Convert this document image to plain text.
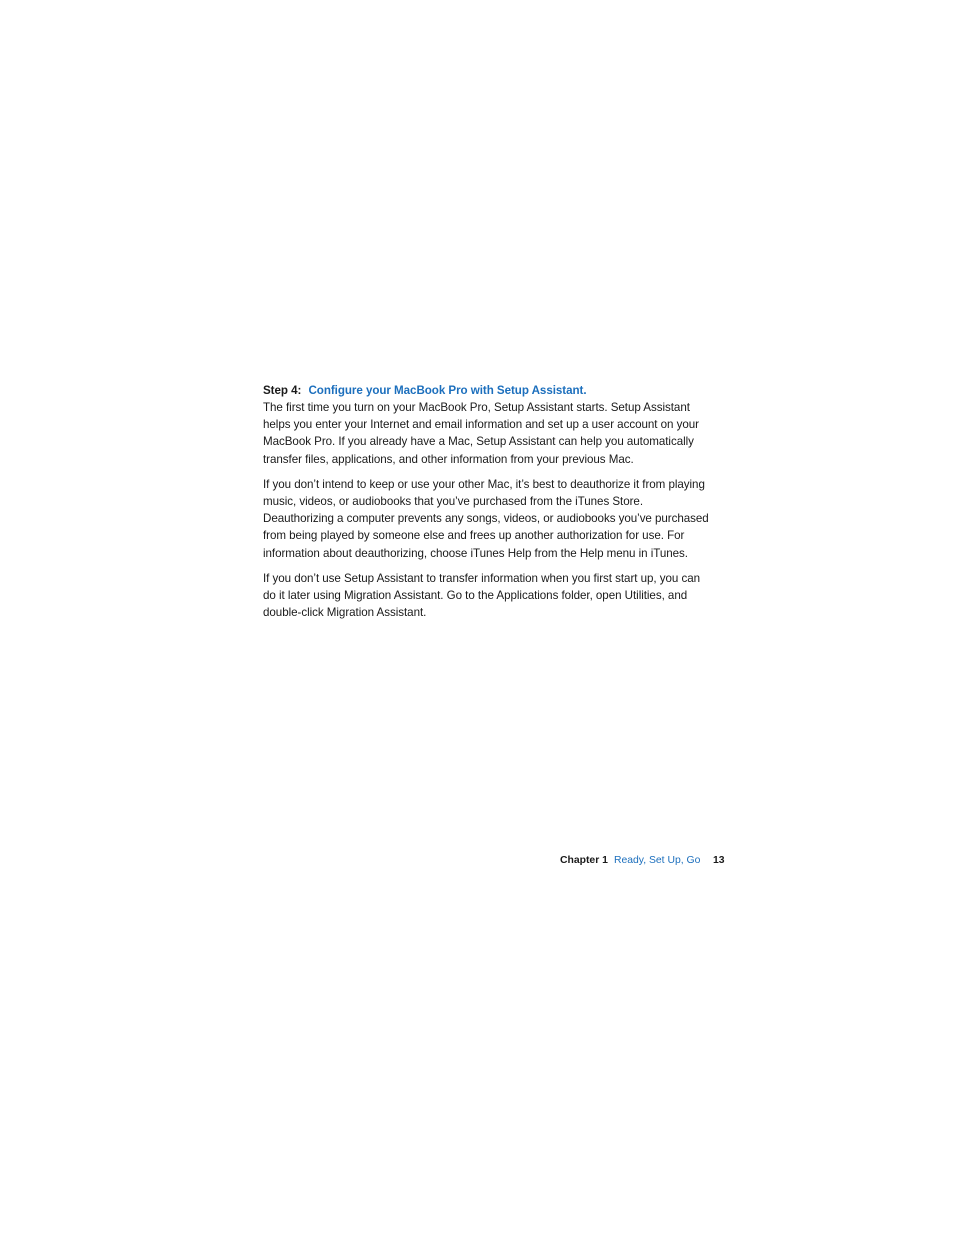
Step 4: Configure your MacBook Pro with Setup Assistant.

The first time you turn on your MacBook Pro, Setup Assistant starts. Setup Assistant helps you enter your Internet and email information and set up a user account on your MacBook Pro. If you already have a Mac, Setup Assistant can help you automatically transfer files, applications, and other information from your previous Mac.

If you don’t intend to keep or use your other Mac, it’s best to deauthorize it from playing music, videos, or audiobooks that you’ve purchased from the iTunes Store. Deauthorizing a computer prevents any songs, videos, or audiobooks you’ve purchased from being played by someone else and frees up another authorization for use. For information about deauthorizing, choose iTunes Help from the Help menu in iTunes.

If you don’t use Setup Assistant to transfer information when you first start up, you can do it later using Migration Assistant. Go to the Applications folder, open Utilities, and double-click Migration Assistant.

Chapter 1 Ready, Set Up, Go 13
